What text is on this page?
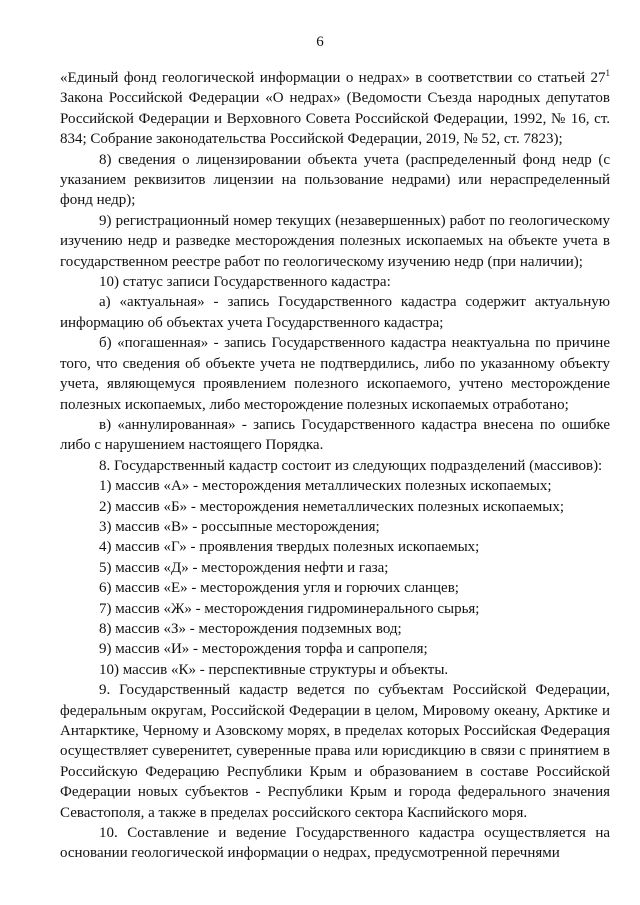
6

«Единый фонд геологической информации о недрах» в соответствии со статьей 27$^1$ Закона Российской Федерации «О недрах» (Ведомости Съезда народных депутатов Российской Федерации и Верховного Совета Российской Федерации, 1992, № 16, ст. 834; Собрание законодательства Российской Федерации, 2019, № 52, ст. 7823);

8) сведения о лицензировании объекта учета (распределенный фонд недр (с указанием реквизитов лицензии на пользование недрами) или нераспределенный фонд недр);

9) регистрационный номер текущих (незавершенных) работ по геологическому изучению недр и разведке месторождения полезных ископаемых на объекте учета в государственном реестре работ по геологическому изучению недр (при наличии);

10) статус записи Государственного кадастра:

а) «актуальная» - запись Государственного кадастра содержит актуальную информацию об объектах учета Государственного кадастра;

б) «погашенная» - запись Государственного кадастра неактуальна по причине того, что сведения об объекте учета не подтвердились, либо по указанному объекту учета, являющемуся проявлением полезного ископаемого, учтено месторождение полезных ископаемых, либо месторождение полезных ископаемых отработано;

в) «аннулированная» - запись Государственного кадастра внесена по ошибке либо с нарушением настоящего Порядка.

8. Государственный кадастр состоит из следующих подразделений (массивов):

1) массив «А» - месторождения металлических полезных ископаемых;

2) массив «Б» - месторождения неметаллических полезных ископаемых;

3) массив «В» - россыпные месторождения;

4) массив «Г» - проявления твердых полезных ископаемых;

5) массив «Д» - месторождения нефти и газа;

6) массив «Е» - месторождения угля и горючих сланцев;

7) массив «Ж» - месторождения гидроминерального сырья;

8) массив «З» - месторождения подземных вод;

9) массив «И» - месторождения торфа и сапропеля;

10) массив «К» - перспективные структуры и объекты.

9. Государственный кадастр ведется по субъектам Российской Федерации, федеральным округам, Российской Федерации в целом, Мировому океану, Арктике и Антарктике, Черному и Азовскому морях, в пределах которых Российская Федерация осуществляет суверенитет, суверенные права или юрисдикцию в связи с принятием в Российскую Федерацию Республики Крым и образованием в составе Российской Федерации новых субъектов - Республики Крым и города федерального значения Севастополя, а также в пределах российского сектора Каспийского моря.

10. Составление и ведение Государственного кадастра осуществляется на основании геологической информации о недрах, предусмотренной перечнями
